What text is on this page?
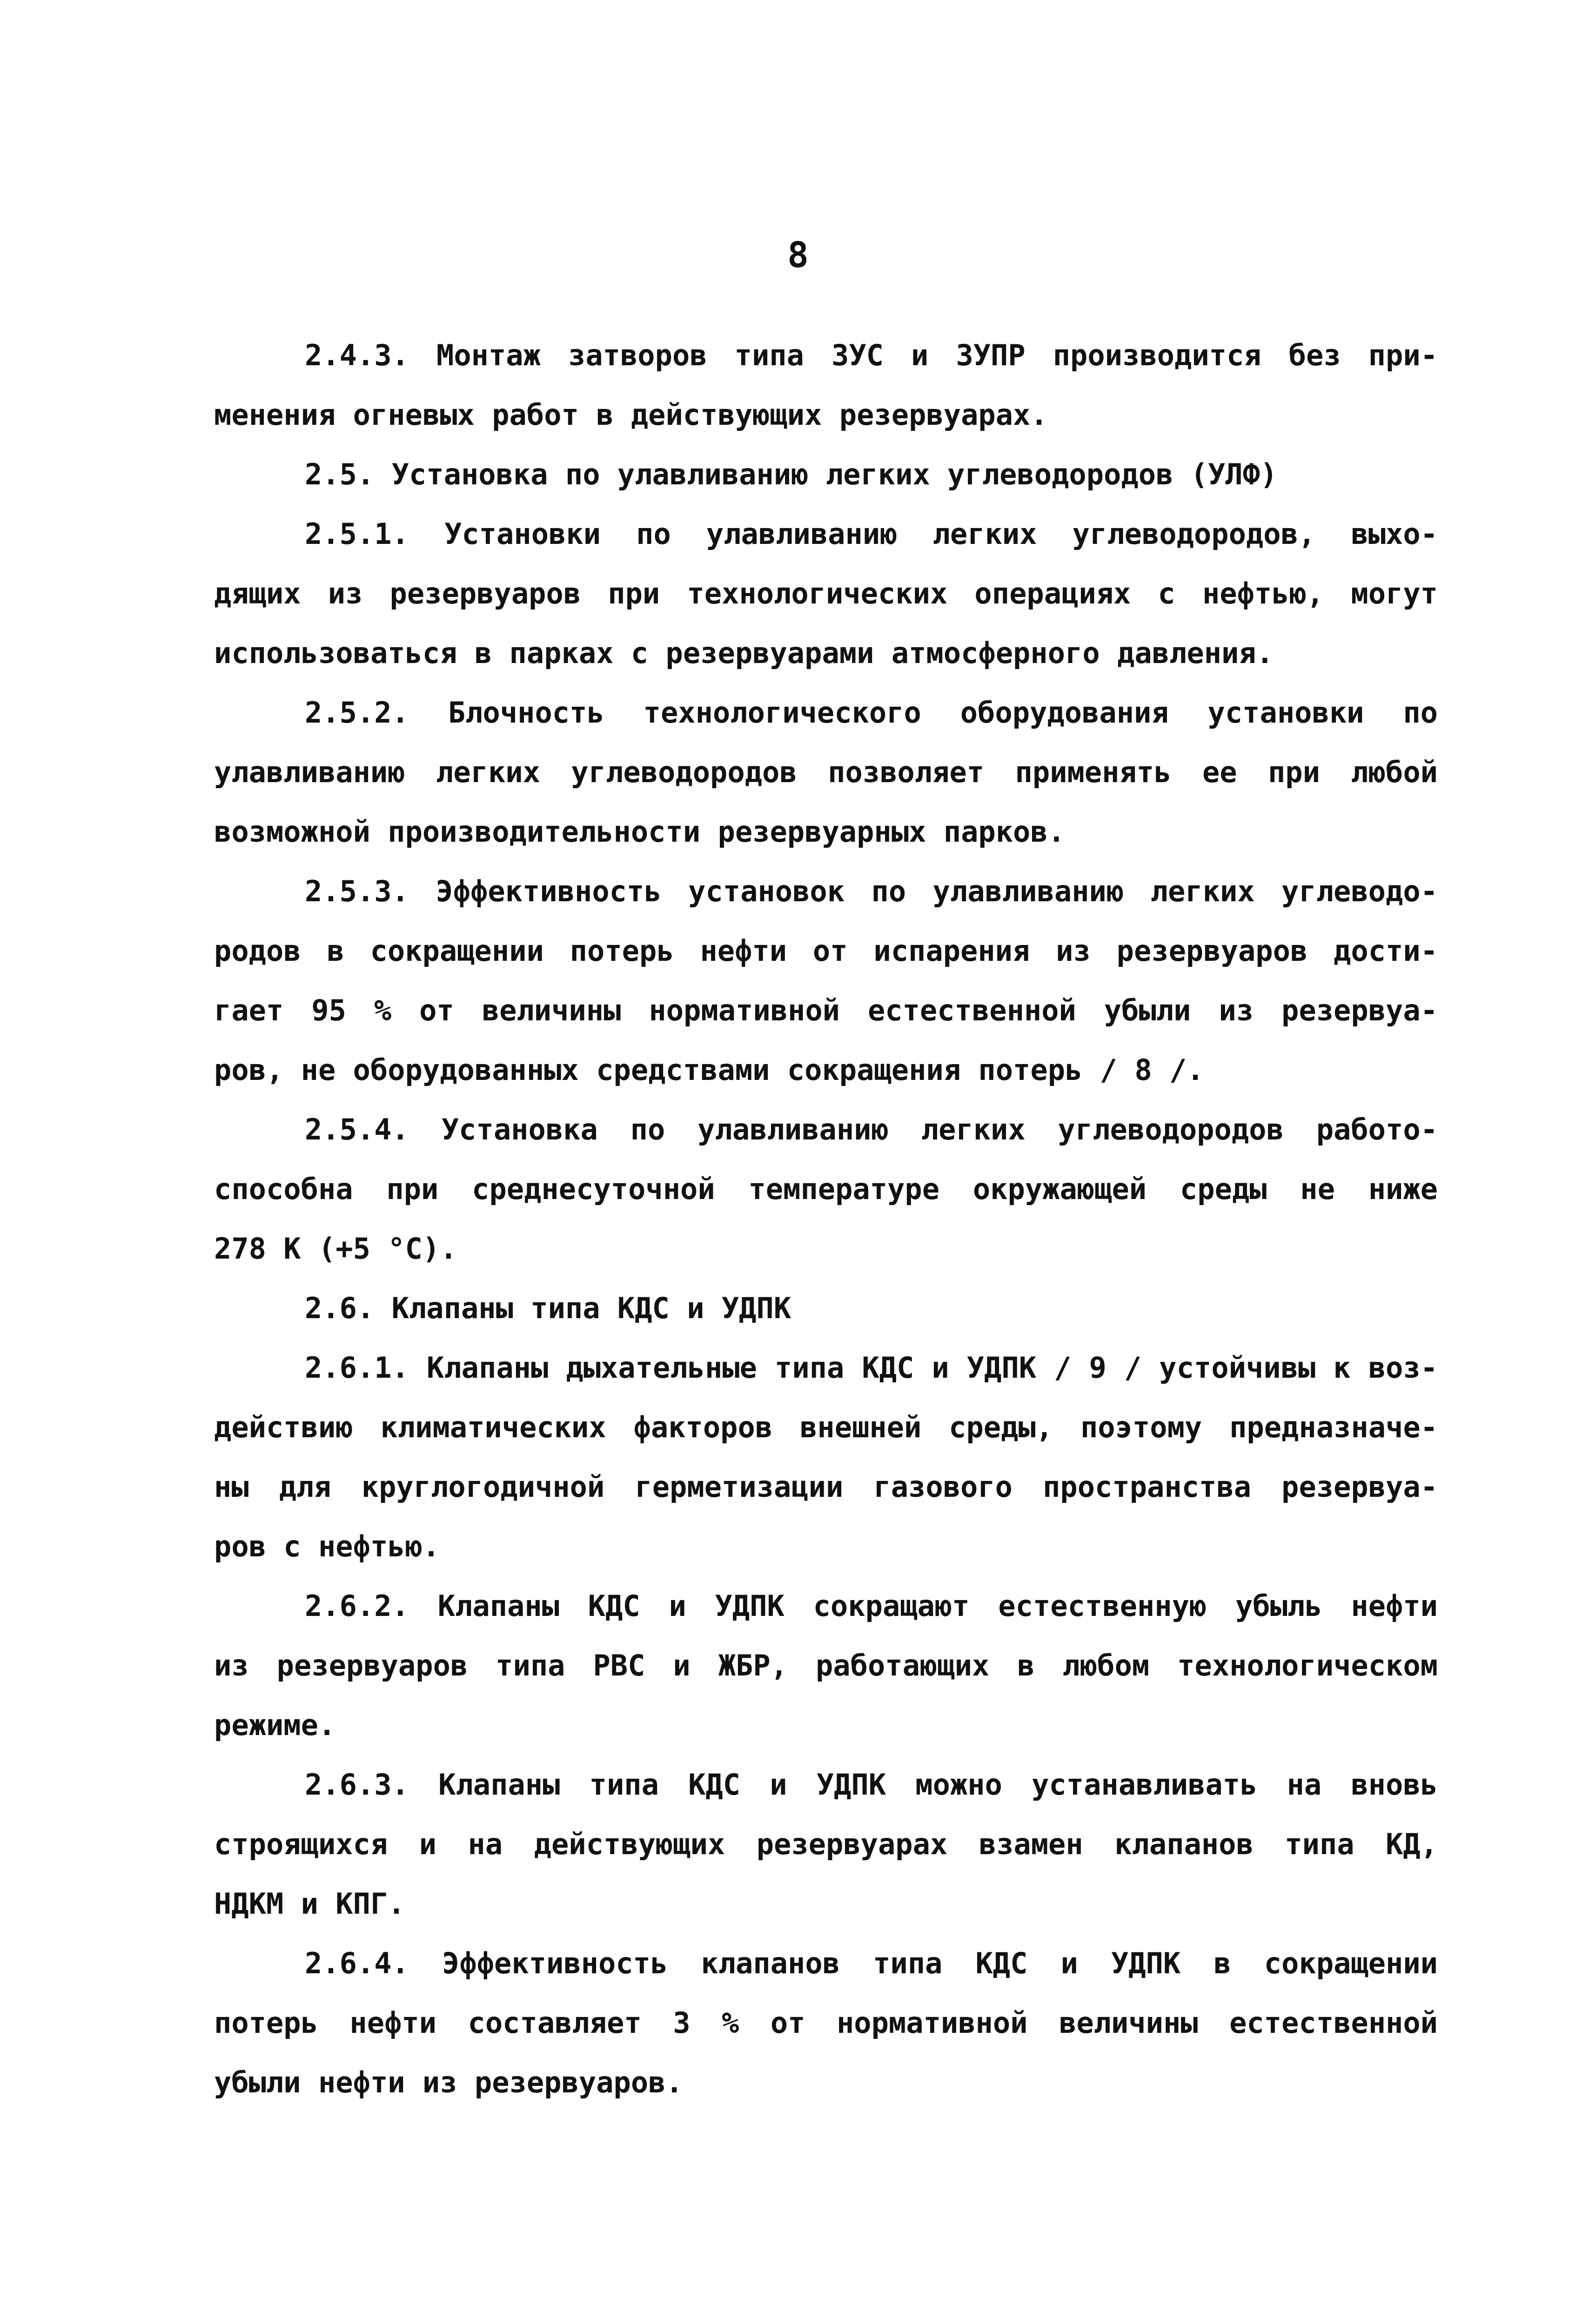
8
2.4.3. Монтаж затворов типа ЗУС и ЗУПР производится без при-
менения огневых работ в действующих резервуарах.
2.5. Установка по улавливанию легких углеводородов (УЛФ)
2.5.1. Установки по улавливанию легких углеводородов, выхо-
дящих из резервуаров при технологических операциях с нефтью, могут
использоваться в парках с резервуарами атмосферного давления.
2.5.2. Блочность технологического оборудования установки по
улавливанию легких углеводородов позволяет применять ее при любой
возможной производительности резервуарных парков.
2.5.3. Эффективность установок по улавливанию легких углеводо-
родов в сокращении потерь нефти от испарения из резервуаров дости-
гает 95 % от величины нормативной естественной убыли из резервуа-
ров, не оборудованных средствами сокращения потерь / 8 /.
2.5.4. Установка по улавливанию легких углеводородов работо-
способна при среднесуточной температуре окружающей среды не ниже
278 К (+5 °С).
2.6. Клапаны типа КДС и УДПК
2.6.1. Клапаны дыхательные типа КДС и УДПК / 9 / устойчивы к воз-
действию климатических факторов внешней среды, поэтому предназначе-
ны для круглогодичной герметизации газового пространства резервуа-
ров с нефтью.
2.6.2. Клапаны КДС и УДПК сокращают естественную убыль нефти
из резервуаров типа РВС и ЖБР, работающих в любом технологическом
режиме.
2.6.3. Клапаны типа КДС и УДПК можно устанавливать на вновь
строящихся и на действующих резервуарах взамен клапанов типа КД,
НДКМ и КПГ.
2.6.4. Эффективность клапанов типа КДС и УДПК в сокращении
потерь нефти составляет 3 % от нормативной величины естественной
убыли нефти из резервуаров.
